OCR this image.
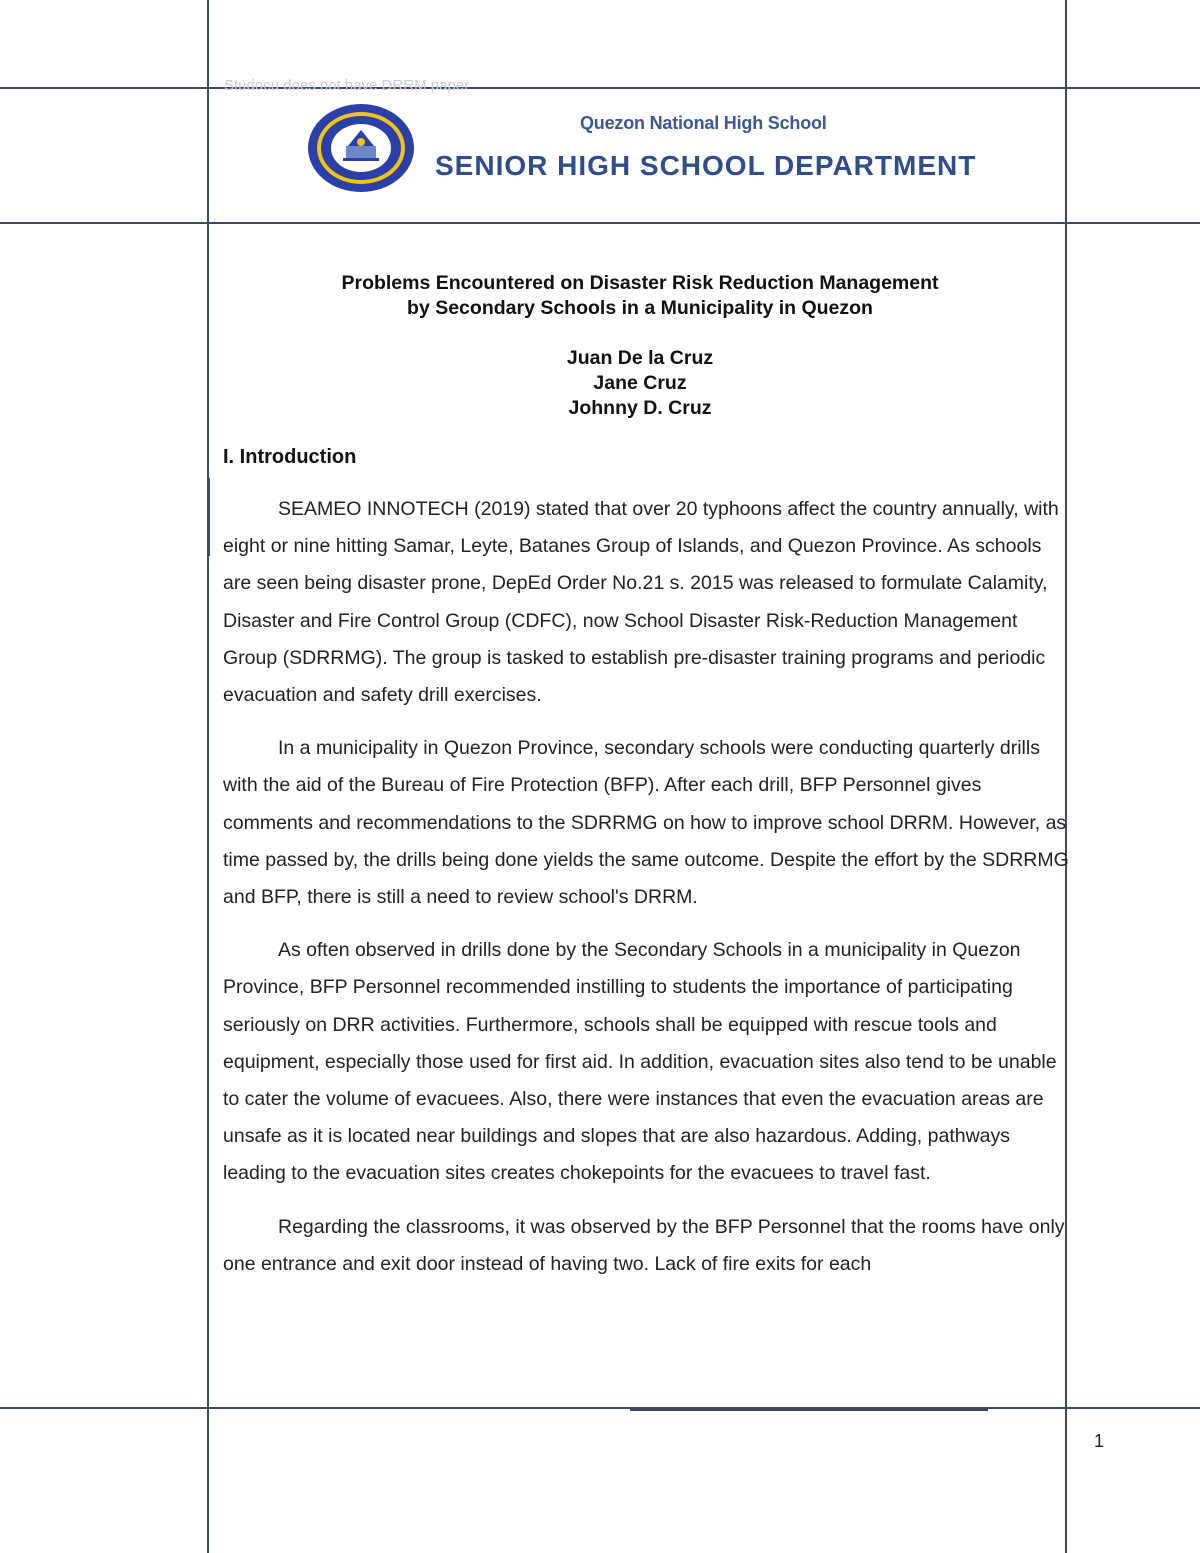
Studocu does not have DRRM paper
Quezon National High School
SENIOR HIGH SCHOOL DEPARTMENT
Problems Encountered on Disaster Risk Reduction Management
by Secondary Schools in a Municipality in Quezon
Juan De la Cruz
Jane Cruz
Johnny D. Cruz
I. Introduction

SEAMEO INNOTECH (2019) stated that over 20 typhoons affect the country annually, with eight or nine hitting Samar, Leyte, Batanes Group of Islands, and Quezon Province. As schools are seen being disaster prone, DepEd Order No.21 s. 2015 was released to formulate Calamity, Disaster and Fire Control Group (CDFC), now School Disaster Risk-Reduction Management Group (SDRRMG). The group is tasked to establish pre-disaster training programs and periodic evacuation and safety drill exercises.

In a municipality in Quezon Province, secondary schools were conducting quarterly drills with the aid of the Bureau of Fire Protection (BFP). After each drill, BFP Personnel gives comments and recommendations to the SDRRMG on how to improve school DRRM. However, as time passed by, the drills being done yields the same outcome. Despite the effort by the SDRRMG and BFP, there is still a need to review school's DRRM.

As often observed in drills done by the Secondary Schools in a municipality in Quezon Province, BFP Personnel recommended instilling to students the importance of participating seriously on DRR activities. Furthermore, schools shall be equipped with rescue tools and equipment, especially those used for first aid. In addition, evacuation sites also tend to be unable to cater the volume of evacuees. Also, there were instances that even the evacuation areas are unsafe as it is located near buildings and slopes that are also hazardous. Adding, pathways leading to the evacuation sites creates chokepoints for the evacuees to travel fast.

Regarding the classrooms, it was observed by the BFP Personnel that the rooms have only one entrance and exit door instead of having two. Lack of fire exits for each

1
